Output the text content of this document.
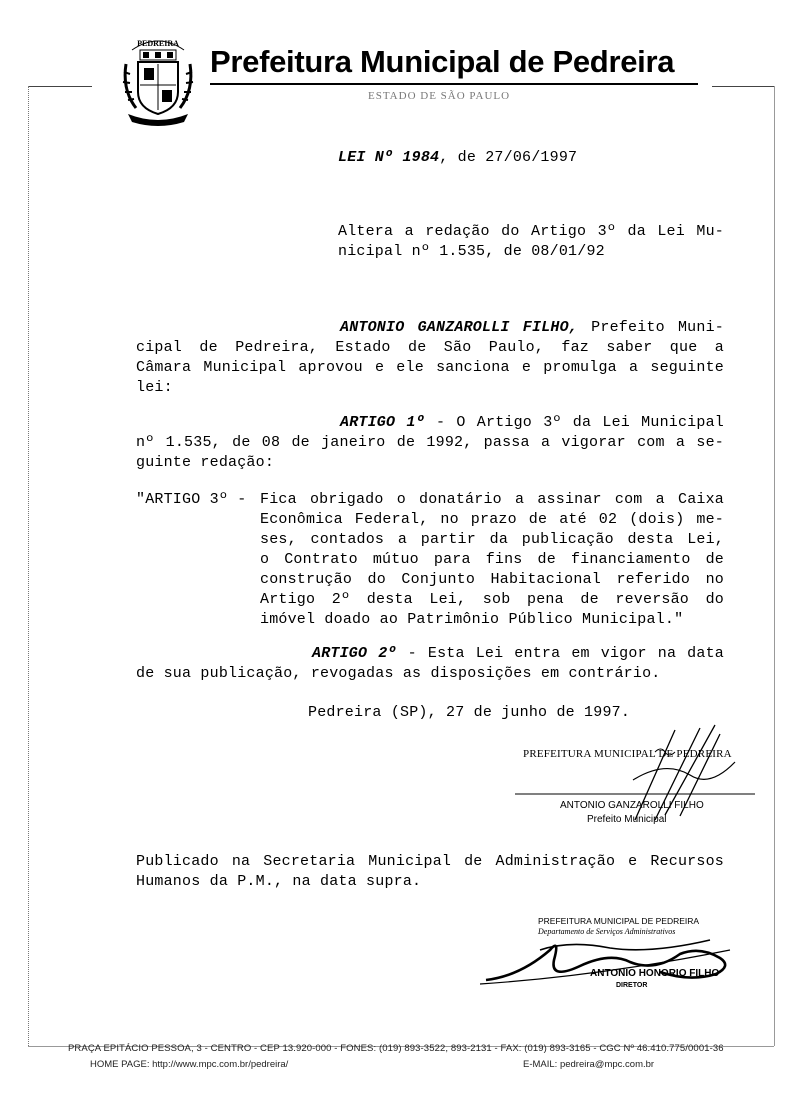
PEDREIRA
Prefeitura Municipal de Pedreira
ESTADO DE SÃO PAULO
LEI Nº 1984, de 27/06/1997
Altera a redação do Artigo 3º da Lei Mu-
nicipal nº 1.535, de 08/01/92
ANTONIO GANZAROLLI FILHO, Prefeito Muni-
cipal de Pedreira, Estado de São Paulo, faz saber que a
Câmara Municipal aprovou e ele sanciona e promulga a seguinte
lei:
ARTIGO 1º - O Artigo 3º da Lei Municipal
nº 1.535, de 08 de janeiro de 1992, passa a vigorar com a se-
guinte redação:
"ARTIGO 3º - Fica obrigado o donatário a assinar com a Caixa
Econômica Federal, no prazo de até 02 (dois) me-
ses, contados a partir da publicação desta Lei,
o Contrato mútuo para fins de financiamento de
construção do Conjunto Habitacional referido no
Artigo 2º desta Lei, sob pena de reversão do
imóvel doado ao Patrimônio Público Municipal."
ARTIGO 2º - Esta Lei entra em vigor na data
de sua publicação, revogadas as disposições em contrário.
Pedreira (SP), 27 de junho de 1997.
PREFEITURA MUNICIPAL DE PEDREIRA
ANTONIO GANZAROLLI FILHO
Prefeito Municipal
Publicado na Secretaria Municipal de Administração e Recursos
Humanos da P.M., na data supra.
PREFEITURA MUNICIPAL DE PEDREIRA
Departamento de Serviços Administrativos
ANTONIO HONORIO FILHO
DIRETOR
PRAÇA EPITÁCIO PESSOA, 3 - CENTRO - CEP 13.920-000 - FONES: (019) 893-3522, 893-2131 - FAX: (019) 893-3165 - CGC Nº 46.410.775/0001-36
HOME PAGE: http://www.mpc.com.br/pedreira/	E-MAIL: pedreira@mpc.com.br
